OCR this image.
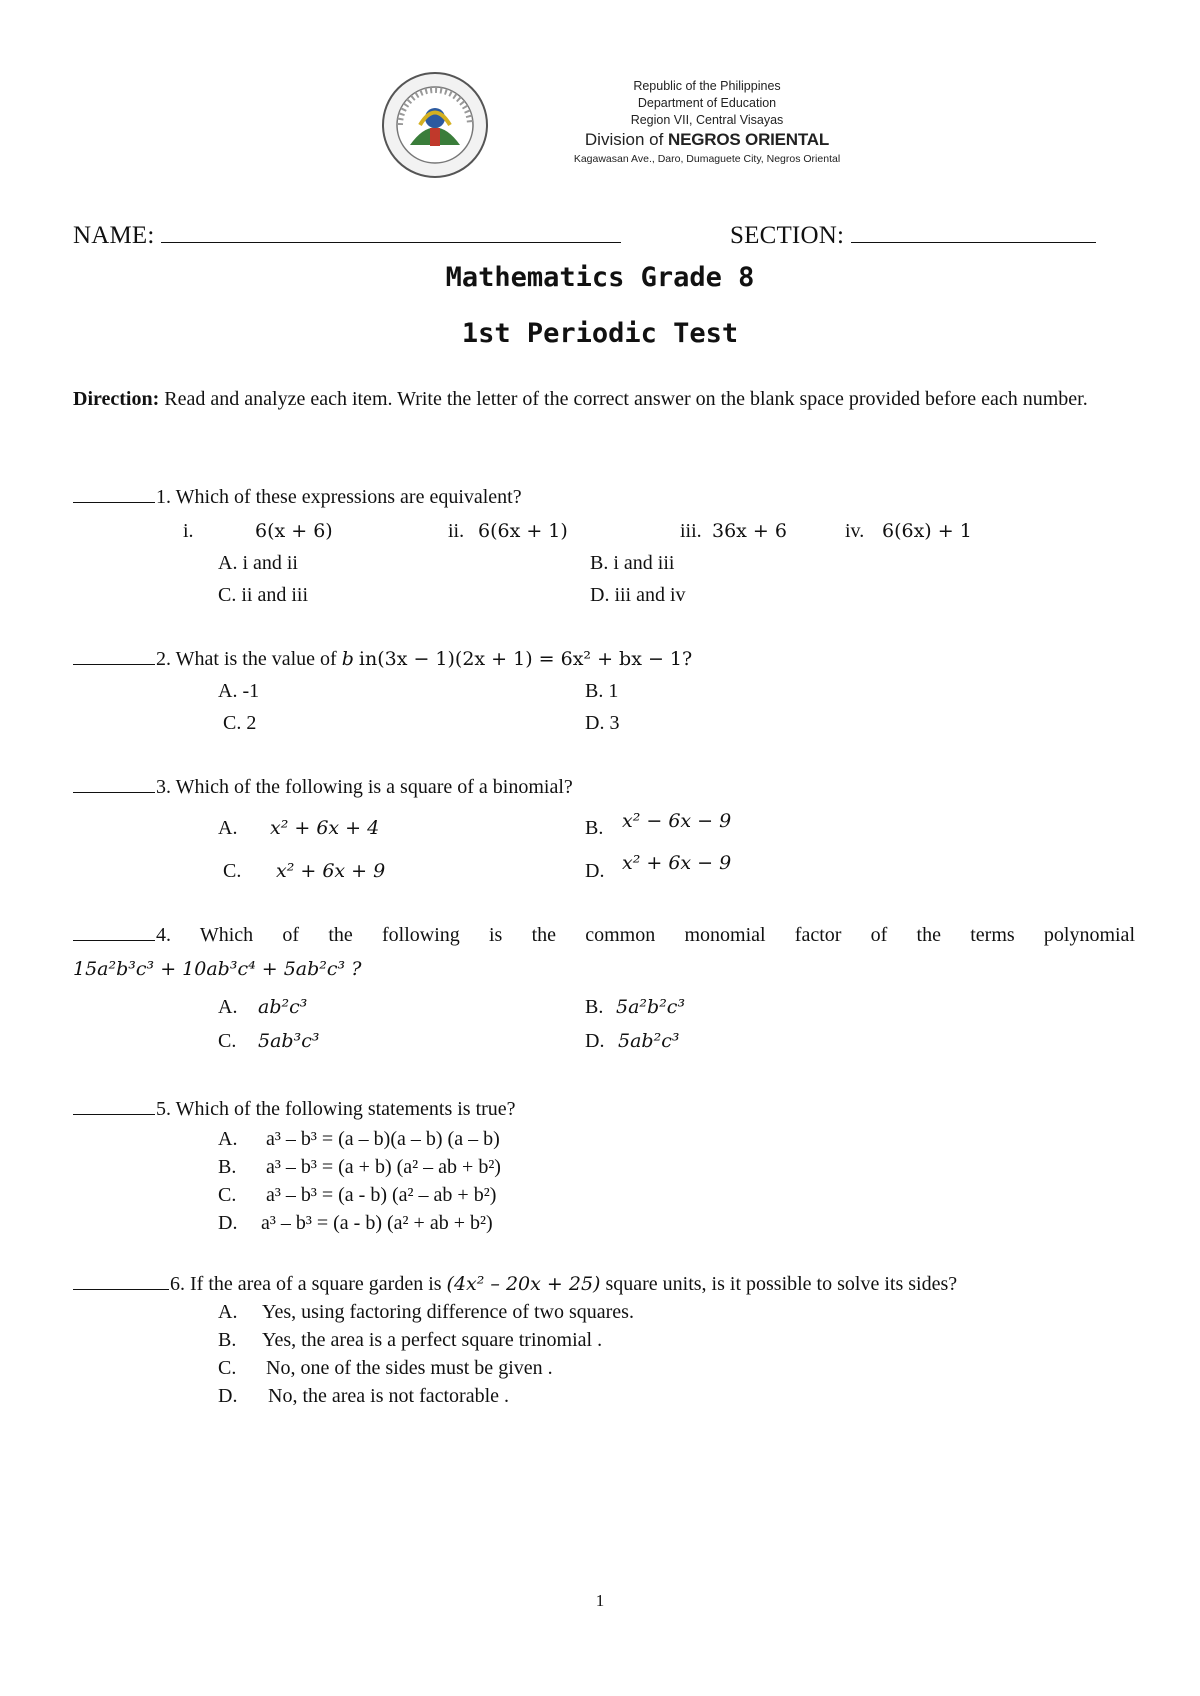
Republic of the Philippines
Department of Education
Region VII, Central Visayas
Division of NEGROS ORIENTAL
Kagawasan Ave., Daro, Dumaguete City, Negros Oriental
NAME:	SECTION:
Mathematics Grade 8
1st Periodic Test
Direction: Read and analyze each item. Write the letter of the correct answer on the blank space provided before each number.
1. Which of these expressions are equivalent?
i.	6(x + 6)	ii. 6(6x + 1)	iii. 36x + 6	iv. 6(6x) + 1
A. i and ii	B. i and iii
C. ii and iii	D. iii and iv
2. What is the value of b in(3x − 1)(2x + 1) = 6x² + bx − 1?
A. -1	B. 1
C. 2	D. 3
3. Which of the following is a square of a binomial?
A. x² + 6x + 4	B. x² − 6x − 9
C. x² + 6x + 9	D. x² + 6x − 9
4. Which of the following is the common monomial factor of the terms polynomial
15a²b³c³ + 10ab³c⁴ + 5ab²c³ ?
A. ab²c³	B. 5a²b²c³
C. 5ab³c³	D. 5ab²c³
5. Which of the following statements is true?
A. a³ – b³ = (a – b)(a – b) (a – b)
B. a³ – b³ = (a + b) (a² – ab + b²)
C. a³ – b³ = (a - b) (a² – ab + b²)
D. a³ – b³ = (a - b) (a² + ab + b²)
6. If the area of a square garden is (4x² – 20x + 25) square units, is it possible to solve its sides?
A. Yes, using factoring difference of two squares.
B. Yes, the area is a perfect square trinomial .
C. No, one of the sides must be given .
D. No, the area is not factorable .
1
